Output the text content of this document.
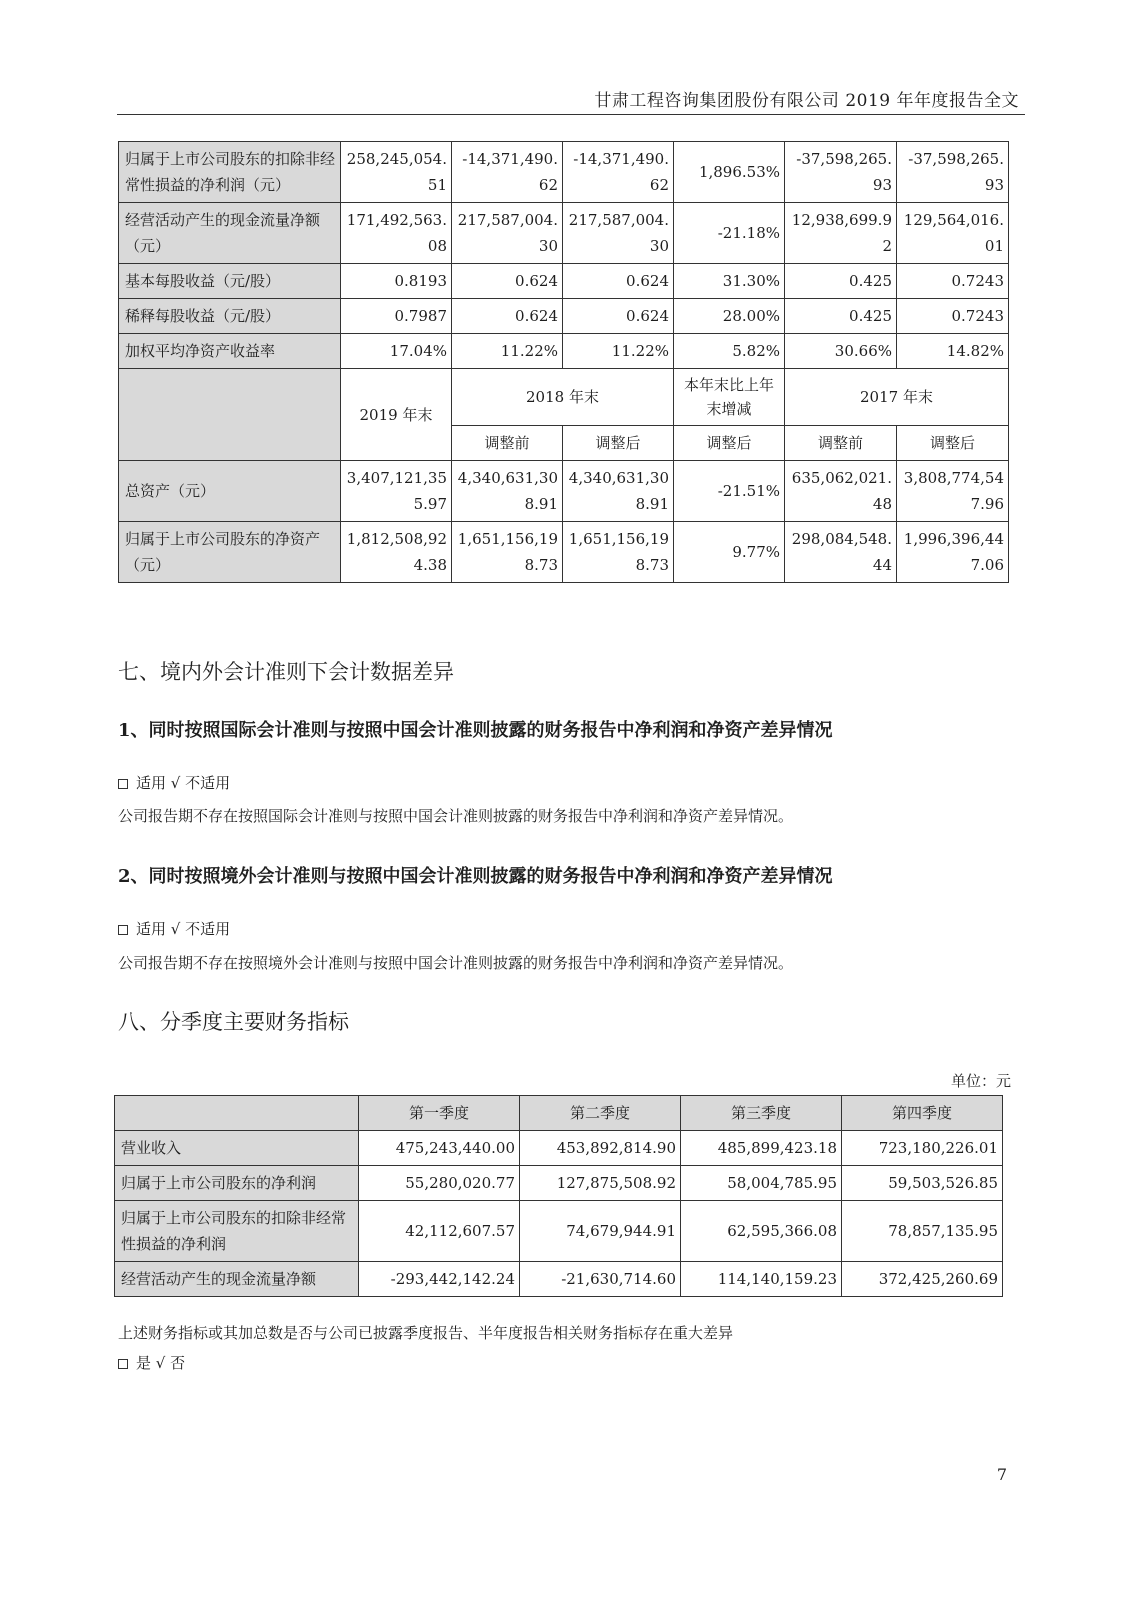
甘肃工程咨询集团股份有限公司 2019 年年度报告全文
归属于上市公司股东的扣除非经常性损益的净利润（元）	258,245,054.51	-14,371,490.62	-14,371,490.62	1,896.53%	-37,598,265.93	-37,598,265.93
经营活动产生的现金流量净额（元）	171,492,563.08	217,587,004.30	217,587,004.30	-21.18%	12,938,699.92	129,564,016.01
基本每股收益（元/股）	0.8193	0.624	0.624	31.30%	0.425	0.7243
稀释每股收益（元/股）	0.7987	0.624	0.624	28.00%	0.425	0.7243
加权平均净资产收益率	17.04%	11.22%	11.22%	5.82%	30.66%	14.82%
	2019 年末	2018 年末		本年末比上年末增减	2017 年末	
		调整前	调整后	调整后	调整前	调整后
总资产（元）	3,407,121,355.97	4,340,631,308.91	4,340,631,308.91	-21.51%	635,062,021.48	3,808,774,547.96
归属于上市公司股东的净资产（元）	1,812,508,924.38	1,651,156,198.73	1,651,156,198.73	9.77%	298,084,548.44	1,996,396,447.06
七、境内外会计准则下会计数据差异
1、同时按照国际会计准则与按照中国会计准则披露的财务报告中净利润和净资产差异情况
适用 √ 不适用
公司报告期不存在按照国际会计准则与按照中国会计准则披露的财务报告中净利润和净资产差异情况。
2、同时按照境外会计准则与按照中国会计准则披露的财务报告中净利润和净资产差异情况
适用 √ 不适用
公司报告期不存在按照境外会计准则与按照中国会计准则披露的财务报告中净利润和净资产差异情况。
八、分季度主要财务指标
单位：元
	第一季度	第二季度	第三季度	第四季度
营业收入	475,243,440.00	453,892,814.90	485,899,423.18	723,180,226.01
归属于上市公司股东的净利润	55,280,020.77	127,875,508.92	58,004,785.95	59,503,526.85
归属于上市公司股东的扣除非经常性损益的净利润	42,112,607.57	74,679,944.91	62,595,366.08	78,857,135.95
经营活动产生的现金流量净额	-293,442,142.24	-21,630,714.60	114,140,159.23	372,425,260.69
上述财务指标或其加总数是否与公司已披露季度报告、半年度报告相关财务指标存在重大差异
是 √ 否
7
